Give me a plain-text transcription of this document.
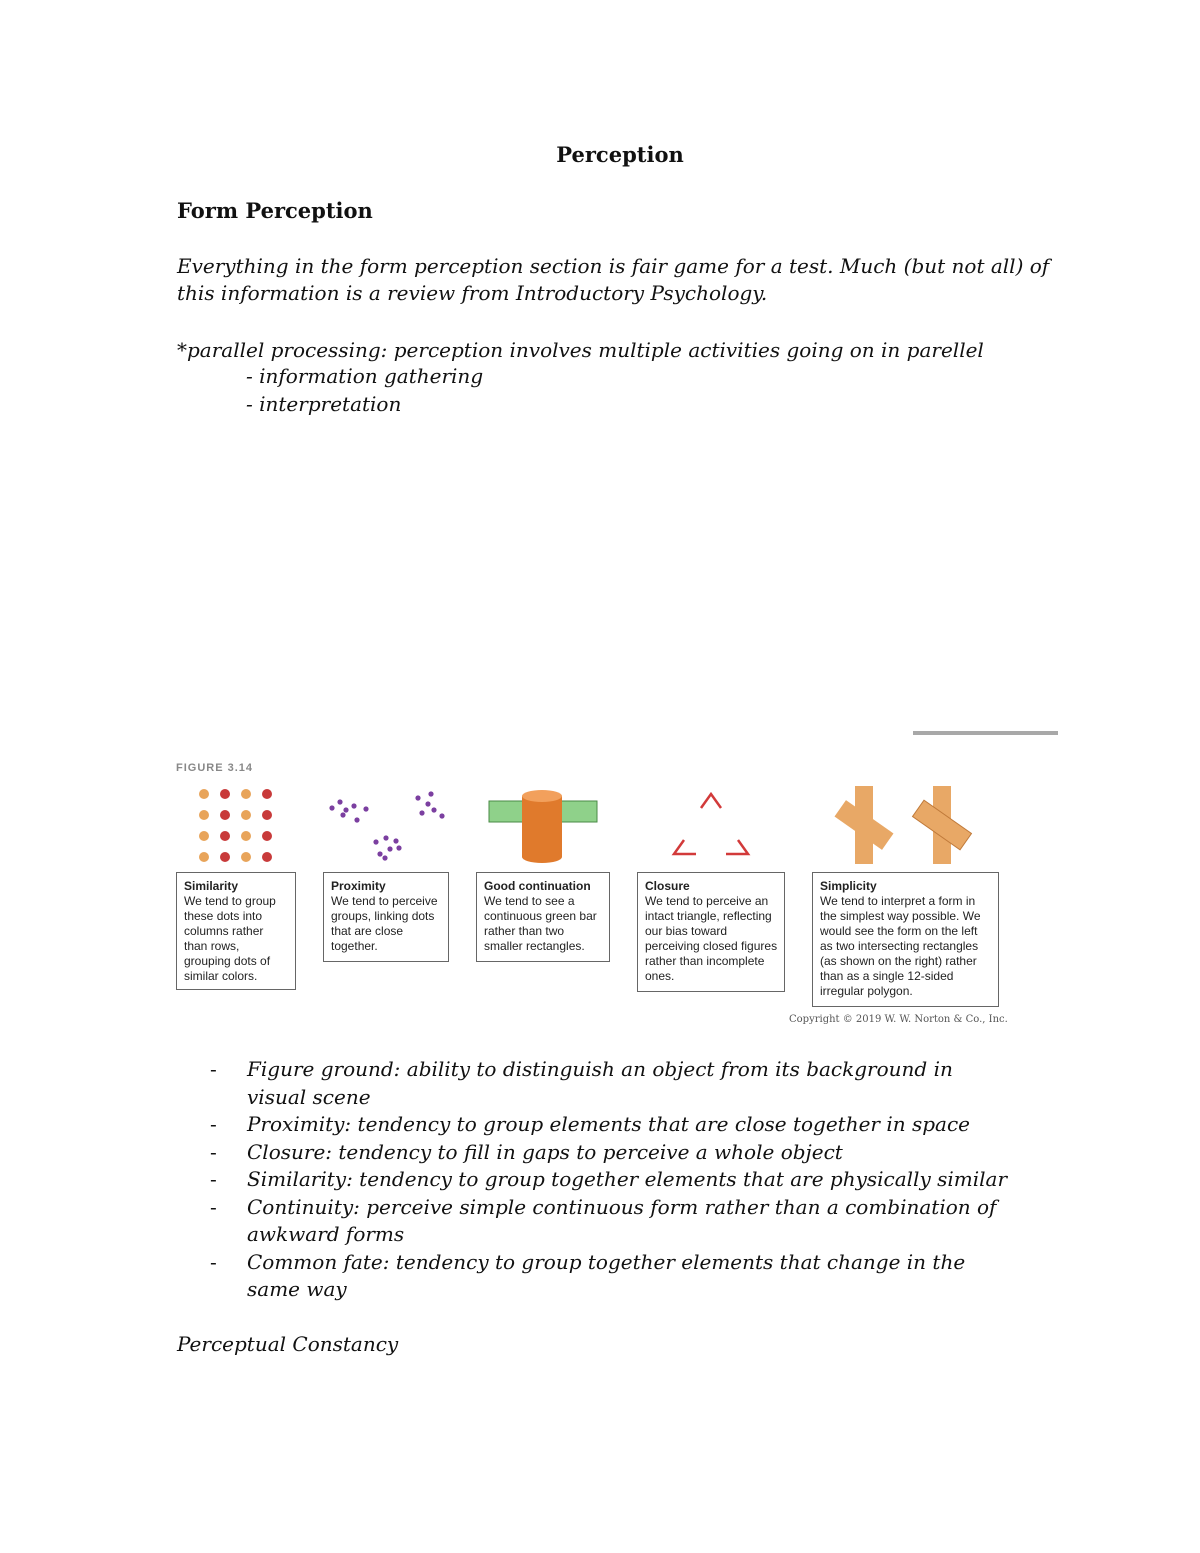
Perception
Form Perception

Everything in the form perception section is fair game for a test. Much (but not all) of

this information is a review from Introductory Psychology.

*parallel processing: perception involves multiple activities going on in parellel

- information gathering
- interpretation
FIGURE 3.14
Similarity
We tend to group these dots into columns rather than rows, grouping dots of similar colors.
Proximity
We tend to perceive groups, linking dots that are close together.
Good continuation
We tend to see a continuous green bar rather than two smaller rectangles.
Closure
We tend to perceive an intact triangle, reflecting our bias toward perceiving closed figures rather than incomplete ones.
Simplicity
We tend to interpret a form in the simplest way possible. We would see the form on the left as two intersecting rectangles (as shown on the right) rather than as a single 12-sided irregular polygon.
Copyright © 2019 W. W. Norton & Co., Inc.
- Figure ground: ability to distinguish an object from its background in visual scene
- Proximity: tendency to group elements that are close together in space
- Closure: tendency to fill in gaps to perceive a whole object
- Similarity: tendency to group together elements that are physically similar
- Continuity: perceive simple continuous form rather than a combination of awkward forms
- Common fate: tendency to group together elements that change in the same way
Perceptual Constancy
